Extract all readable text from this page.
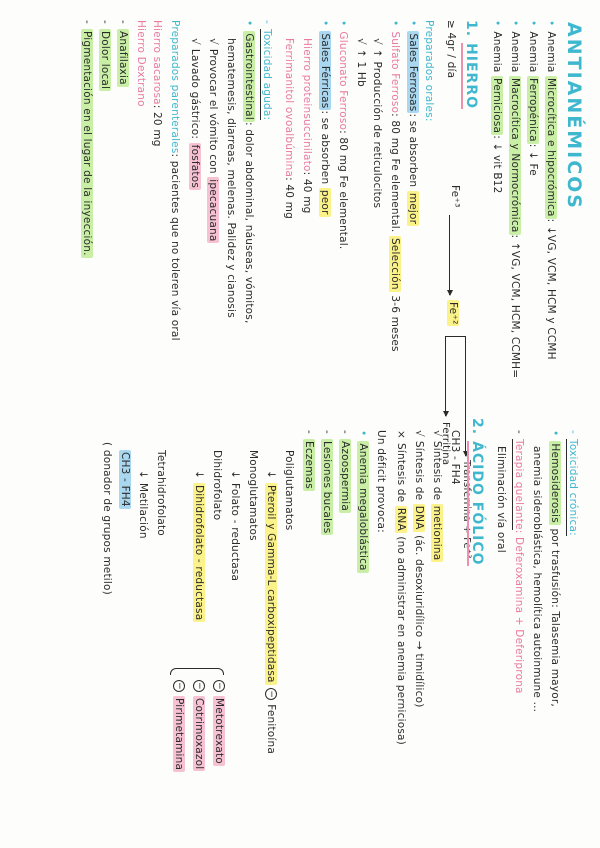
ANTIANÉMICOS
•Anemia Microcítica e hipocrómica: ↓VG, VCM, HCM y CCMH
•Anemia Ferropénica: ↓ Fe
•Anemia Macrocítica y Normocrómica: ↑VG, VCM, HCM, CCMH=
•Anemia Perniciosa: ↓ vit B12
1.HIERRO
≥ 4gr / día
Fe⁺³
Fe⁺²
Transferrina + Fe⁺³
Ferritina
Preparados orales:
•Sales Ferrosas: se absorben mejor
•Sulfato Ferroso: 80 mg Fe elemental. Selección 3-6 meses
√↑ Producción de reticulocitos
√↑ 1 Hb
•Gluconato Ferroso: 80 mg Fe elemental.
•Sales Férricas: se absorben peor
Hierro proteinsuccinilato: 40 mg
Ferrimanitol ovoalbúmina: 40 mg
-Toxicidad aguda:
•Gastrointestinal: dolor abdominal, náuseas, vómitos,
hematemesis, diarreas, melenas. Palidez y cianosis
√Provocar el vómito con ipecacuana
√Lavado gástrico: fosfatos
Preparados parenterales: pacientes que no toleren vía oral
Hierro sacarosa: 20 mg
Hierro Dextrano
-Anafilaxia
-Dolor local
-Pigmentación en el lugar de la inyección.
-Toxicidad crónica:
•Hemosiderosis por trasfusión: Talasemia mayor,
anemia sideroblástica, hemolítica autoinmune ...
-Terapia quelante: Deferoxamina + Deferiprona
Eliminación vía oral
2.ÁCIDO FÓLICO
CH3 - FH4
√Síntesis de metionina
√Síntesis de DNA (ác. desoxiuridílico → timidílico)
×Síntesis de RNA (no administrar en anemia perniciosa)
Un déficit provoca:
•Anemia megaloblástica
-Azoospermia
-Lesiones bucales
-Eczemas
Poliglutamatos
↓Pteroil y Gamma-L carboxipeptidasa −Fenitoína
Monoglutamatos
↓Folato - reductasa
Dihidrofolato
↓Dihidrofolato - reductasa
−Metotrexato
−Cotrimoxazol
−Pirimetamina
Tetrahidrofolato
↓Metilación
CH3 - FH4
( donador de grupos metilo)
